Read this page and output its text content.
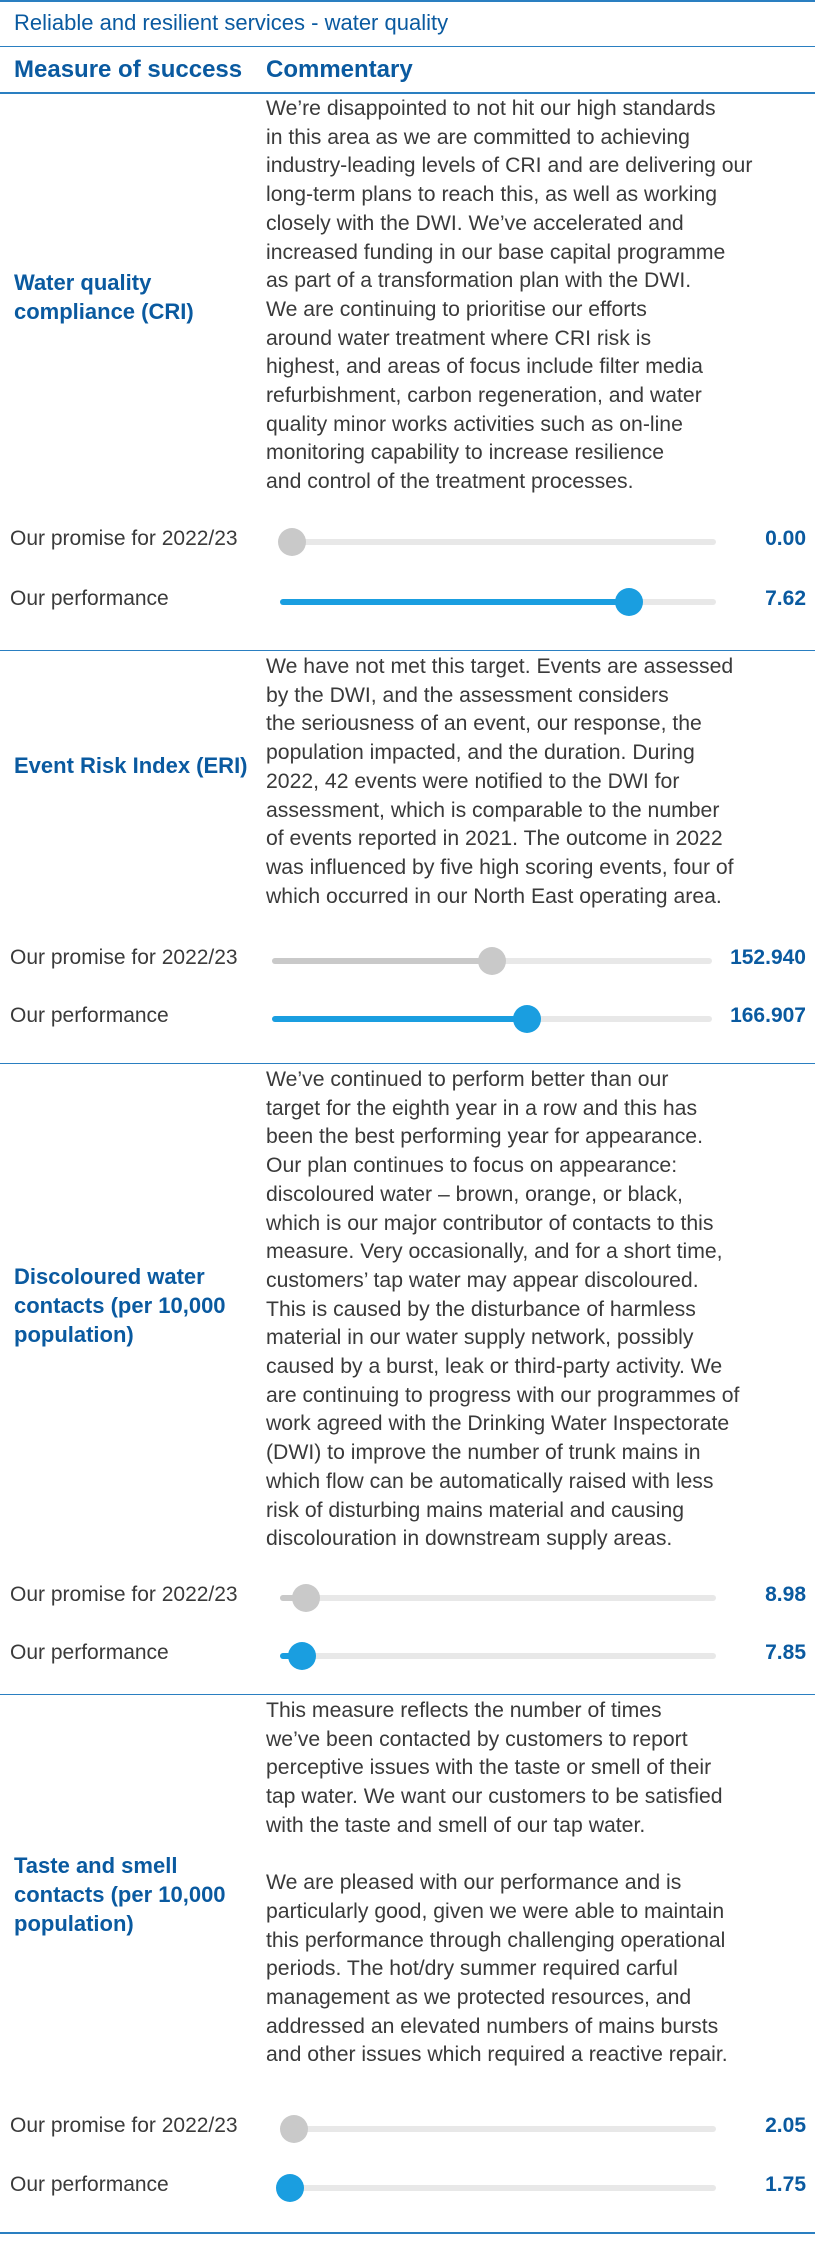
Reliable and resilient services - water quality
Measure of success Commentary
Water quality compliance (CRI)
We’re disappointed to not hit our high standards
in this area as we are committed to achieving
industry-leading levels of CRI and are delivering our
long-term plans to reach this, as well as working
closely with the DWI. We’ve accelerated and
increased funding in our base capital programme
as part of a transformation plan with the DWI.
We are continuing to prioritise our efforts
around water treatment where CRI risk is
highest, and areas of focus include filter media
refurbishment, carbon regeneration, and water
quality minor works activities such as on-line
monitoring capability to increase resilience
and control of the treatment processes.
Our promise for 2022/23	0.00
Our performance	7.62
Event Risk Index (ERI)
We have not met this target. Events are assessed
by the DWI, and the assessment considers
the seriousness of an event, our response, the
population impacted, and the duration. During
2022, 42 events were notified to the DWI for
assessment, which is comparable to the number
of events reported in 2021. The outcome in 2022
was influenced by five high scoring events, four of
which occurred in our North East operating area.
Our promise for 2022/23	152.940
Our performance	166.907
Discoloured water contacts (per 10,000 population)
We’ve continued to perform better than our
target for the eighth year in a row and this has
been the best performing year for appearance.
Our plan continues to focus on appearance:
discoloured water – brown, orange, or black,
which is our major contributor of contacts to this
measure. Very occasionally, and for a short time,
customers’ tap water may appear discoloured.
This is caused by the disturbance of harmless
material in our water supply network, possibly
caused by a burst, leak or third-party activity. We
are continuing to progress with our programmes of
work agreed with the Drinking Water Inspectorate
(DWI) to improve the number of trunk mains in
which flow can be automatically raised with less
risk of disturbing mains material and causing
discolouration in downstream supply areas.
Our promise for 2022/23	8.98
Our performance	7.85
Taste and smell contacts (per 10,000 population)
This measure reflects the number of times
we’ve been contacted by customers to report
perceptive issues with the taste or smell of their
tap water. We want our customers to be satisfied
with the taste and smell of our tap water.

We are pleased with our performance and is
particularly good, given we were able to maintain
this performance through challenging operational
periods. The hot/dry summer required carful
management as we protected resources, and
addressed an elevated numbers of mains bursts
and other issues which required a reactive repair.
Our promise for 2022/23	2.05
Our performance	1.75
